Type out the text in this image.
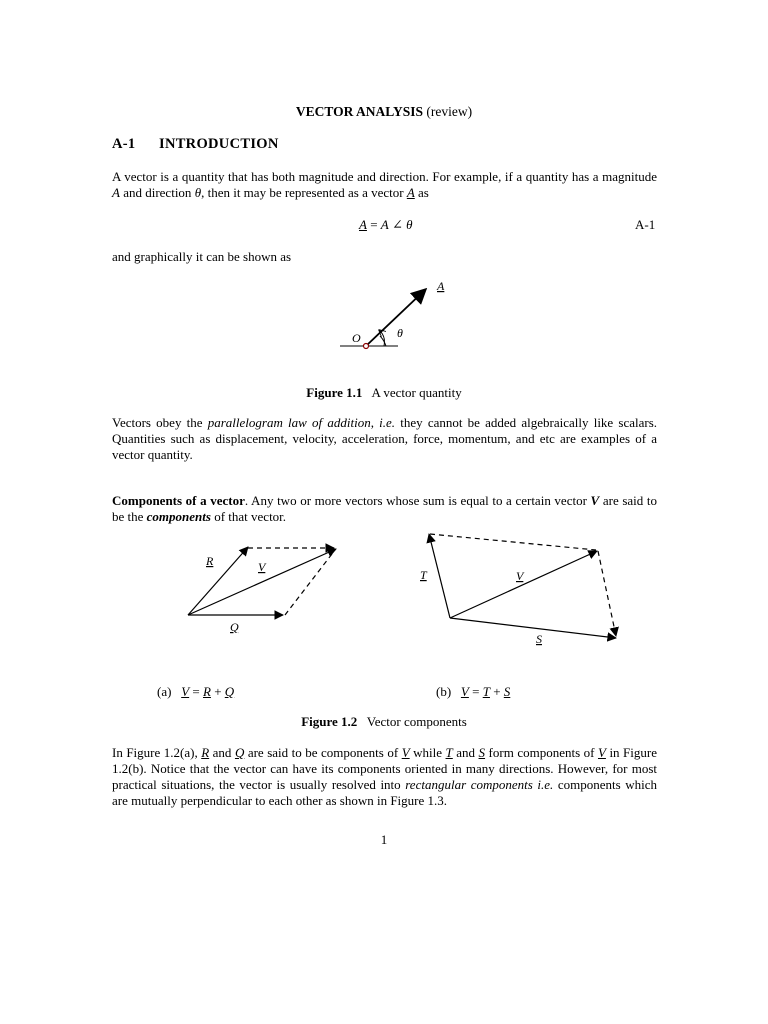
VECTOR ANALYSIS (review)
A-1 INTRODUCTION
A vector is a quantity that has both magnitude and direction. For example, if a quantity has a magnitude A and direction θ, then it may be represented as a vector A as
A = A ∠ θ	A-1
and graphically it can be shown as
A
O	θ
Figure 1.1 A vector quantity
Vectors obey the parallelogram law of addition, i.e. they cannot be added algebraically like scalars. Quantities such as displacement, velocity, acceleration, force, momentum, and etc are examples of a vector quantity.
Components of a vector. Any two or more vectors whose sum is equal to a certain vector V are said to be the components of that vector.
R	V
Q
T	V
S
(a) V = R + Q	(b) V = T + S
Figure 1.2 Vector components
In Figure 1.2(a), R and Q are said to be components of V while T and S form components of V in Figure 1.2(b). Notice that the vector can have its components oriented in many directions. However, for most practical situations, the vector is usually resolved into rectangular components i.e. components which are mutually perpendicular to each other as shown in Figure 1.3.
1
